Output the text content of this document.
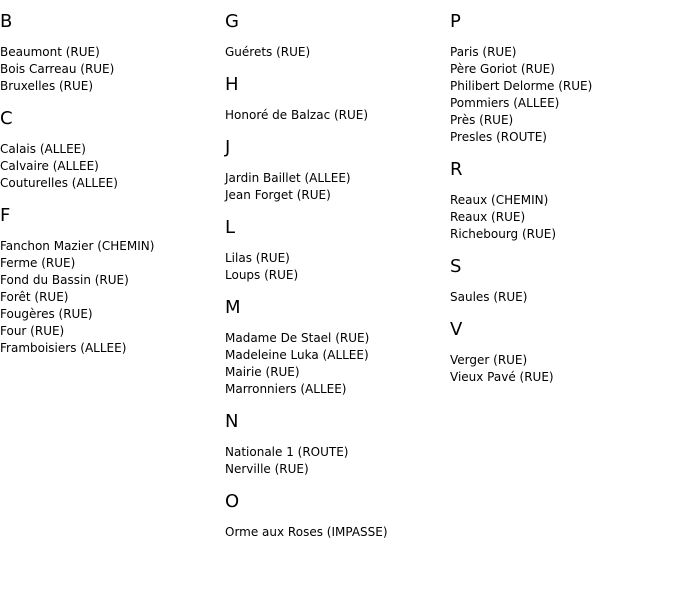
B
Beaumont (RUE)
Bois Carreau (RUE)
Bruxelles (RUE)
C
Calais (ALLEE)
Calvaire (ALLEE)
Couturelles (ALLEE)
F
Fanchon Mazier (CHEMIN)
Ferme (RUE)
Fond du Bassin (RUE)
Forêt (RUE)
Fougères (RUE)
Four (RUE)
Framboisiers (ALLEE)
G
Guérets (RUE)
H
Honoré de Balzac (RUE)
J
Jardin Baillet (ALLEE)
Jean Forget (RUE)
L
Lilas (RUE)
Loups (RUE)
M
Madame De Stael (RUE)
Madeleine Luka (ALLEE)
Mairie (RUE)
Marronniers (ALLEE)
N
Nationale 1 (ROUTE)
Nerville (RUE)
O
Orme aux Roses (IMPASSE)
P
Paris (RUE)
Père Goriot (RUE)
Philibert Delorme (RUE)
Pommiers (ALLEE)
Près (RUE)
Presles (ROUTE)
R
Reaux (CHEMIN)
Reaux (RUE)
Richebourg (RUE)
S
Saules (RUE)
V
Verger (RUE)
Vieux Pavé (RUE)
